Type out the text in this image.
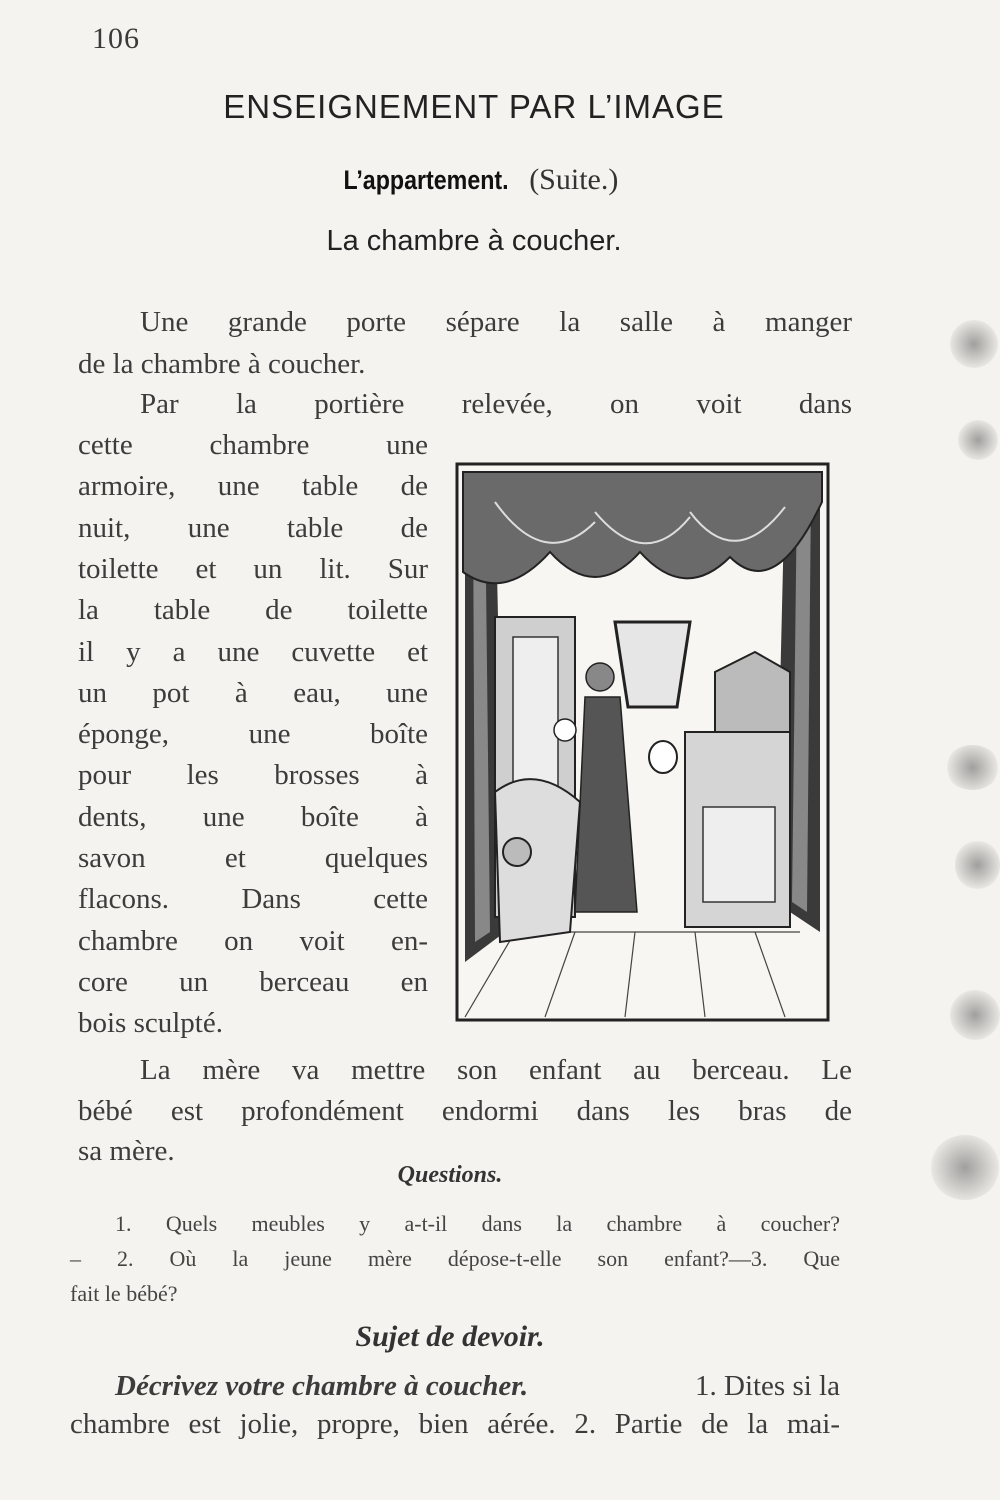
106
ENSEIGNEMENT PAR L’IMAGE
L’appartement. (Suite.)
La chambre à coucher.
Une grande porte sépare la salle à manger
de la chambre à coucher.
Par la portière relevée, on voit dans
cette chambre une
armoire, une table de
nuit, une table de
toilette et un lit. Sur
la table de toilette
il y a une cuvette et
un pot à eau, une
éponge, une boîte
pour les brosses à
dents, une boîte à
savon et quelques
flacons. Dans cette
chambre on voit en-
core un berceau en
bois sculpté.
La mère va mettre son enfant au berceau. Le
bébé est profondément endormi dans les bras de
sa mère.
Questions.
1. Quels meubles y a-t-il dans la chambre à coucher?
– 2. Où la jeune mère dépose-t-elle son enfant?—3. Que
fait le bébé?
Sujet de devoir.
Décrivez votre chambre à coucher.	1. Dites si la
chambre est jolie, propre, bien aérée. 2. Partie de la mai-
